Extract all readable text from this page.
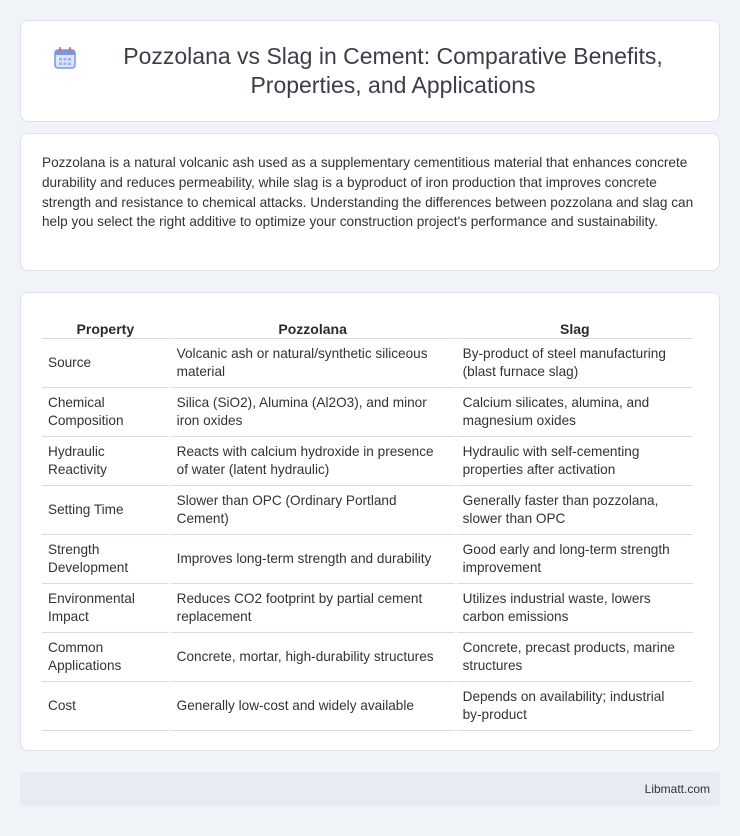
Pozzolana vs Slag in Cement: Comparative Benefits, Properties, and Applications

Pozzolana is a natural volcanic ash used as a supplementary cementitious material that enhances concrete durability and reduces permeability, while slag is a byproduct of iron production that improves concrete strength and resistance to chemical attacks. Understanding the differences between pozzolana and slag can help you select the right additive to optimize your construction project's performance and sustainability.

Property	Pozzolana	Slag
Source	Volcanic ash or natural/synthetic siliceous material	By-product of steel manufacturing (blast furnace slag)
Chemical Composition	Silica (SiO2), Alumina (Al2O3), and minor iron oxides	Calcium silicates, alumina, and magnesium oxides
Hydraulic Reactivity	Reacts with calcium hydroxide in presence of water (latent hydraulic)	Hydraulic with self-cementing properties after activation
Setting Time	Slower than OPC (Ordinary Portland Cement)	Generally faster than pozzolana, slower than OPC
Strength Development	Improves long-term strength and durability	Good early and long-term strength improvement
Environmental Impact	Reduces CO2 footprint by partial cement replacement	Utilizes industrial waste, lowers carbon emissions
Common Applications	Concrete, mortar, high-durability structures	Concrete, precast products, marine structures
Cost	Generally low-cost and widely available	Depends on availability; industrial by-product
Libmatt.com
